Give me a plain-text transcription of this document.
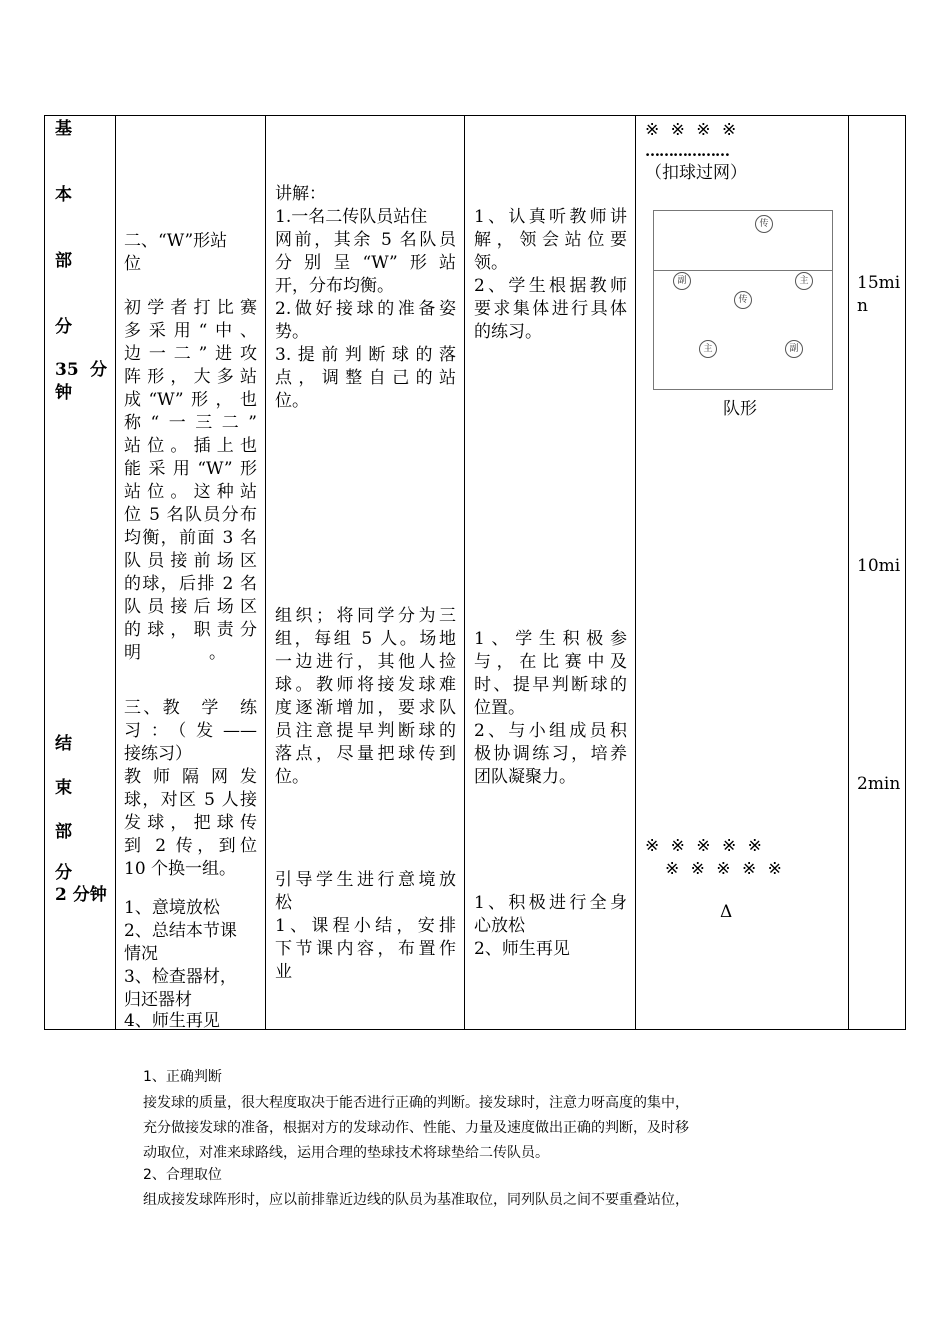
基
本
部
分
35 分
钟
结
束
部
分
2 分钟
二、“W”形站
位
初学者打比赛
多采用“中、
边一二”进攻
阵形，大多站
成“W”形，也
称“一三二”
站位。插上也
能采用“W”形
站位。这种站
位 5 名队员分布
均衡，前面 3 名
队员接前场区
的球，后排 2 名
队员接后场区
的球，职责分
明　　　　。
三、教　学　练
习：（发——
接练习）
教师隔网发
球，对区 5 人接
发球，把球传
到 2 传，到位
10 个换一组。
1、意境放松
2、总结本节课
情况
3、检查器材，
归还器材
4、师生再见
讲解：
1.一名二传队员站住
网前，其余 5 名队员
分别呈“W”形站
开，分布均衡。
2.做好接球的准备姿
势。
3.提前判断球的落
点，调整自己的站
位。
组织；将同学分为三
组，每组 5 人。场地
一边进行，其他人捡
球。教师将接发球难
度逐渐增加，要求队
员注意提早判断球的
落点，尽量把球传到
位。
引导学生进行意境放
松
1、课程小结，安排
下节课内容，布置作
业
1、认真听教师讲
解，领会站位要
领。
2、学生根据教师
要求集体进行具体
的练习。
1、学生积极参
与，在比赛中及
时、提早判断球的
位置。
2、与小组成员积
极协调练习，培养
团队凝聚力。
1、积极进行全身
心放松
2、师生再见
※ ※ ※ ※
………………
（扣球过网）
传
副	主
传
主	副
队形
※ ※ ※ ※ ※
※ ※ ※ ※ ※
Δ
15mi
n
10mi
2min
1、正确判断
接发球的质量，很大程度取决于能否进行正确的判断。接发球时，注意力呀高度的集中，
充分做接发球的准备，根据对方的发球动作、性能、力量及速度做出正确的判断，及时移
动取位，对准来球路线，运用合理的垫球技术将球垫给二传队员。
2、合理取位
组成接发球阵形时，应以前排靠近边线的队员为基准取位，同列队员之间不要重叠站位，
